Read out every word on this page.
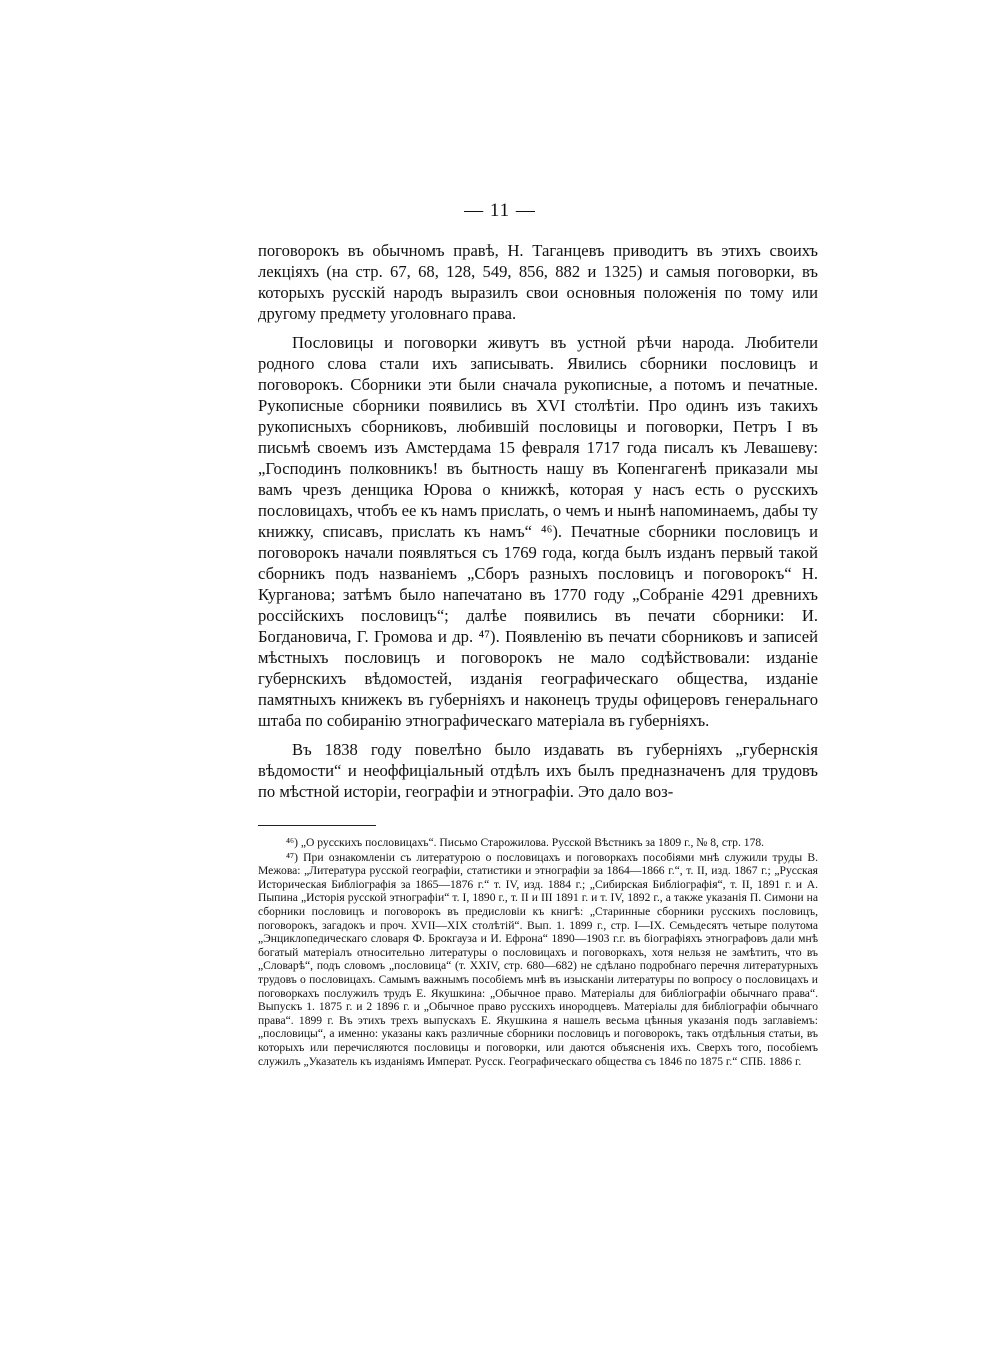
— 11 —

поговорокъ въ обычномъ правѣ, Н. Таганцевъ приводитъ въ этихъ своихъ лекціяхъ (на стр. 67, 68, 128, 549, 856, 882 и 1325) и самыя поговорки, въ которыхъ русскій народъ выразилъ свои основныя положенія по тому или другому предмету уголовнаго права.

Пословицы и поговорки живутъ въ устной рѣчи народа. Любители родного слова стали ихъ записывать. Явились сборники пословицъ и поговорокъ. Сборники эти были сначала рукописные, а потомъ и печатные. Рукописные сборники появились въ XVI столѣтіи. Про одинъ изъ такихъ рукописныхъ сборниковъ, любившій пословицы и поговорки, Петръ I въ письмѣ своемъ изъ Амстердама 15 февраля 1717 года писалъ къ Левашеву: „Господинъ полковникъ! въ бытность нашу въ Копенгагенѣ приказали мы вамъ чрезъ денщика Юрова о книжкѣ, которая у насъ есть о русскихъ пословицахъ, чтобъ ее къ намъ прислать, о чемъ и нынѣ напоминаемъ, дабы ту книжку, списавъ, прислать къ намъ“ ⁴⁶). Печатные сборники пословицъ и поговорокъ начали появляться съ 1769 года, когда былъ изданъ первый такой сборникъ подъ названіемъ „Сборъ разныхъ пословицъ и поговорокъ“ Н. Курганова; затѣмъ было напечатано въ 1770 году „Собраніе 4291 древнихъ россійскихъ пословицъ“; далѣе появились въ печати сборники: И. Богдановича, Г. Громова и др. ⁴⁷). Появленію въ печати сборниковъ и записей мѣстныхъ пословицъ и поговорокъ не мало содѣйствовали: изданіе губернскихъ вѣдомостей, изданія географическаго общества, изданіе памятныхъ книжекъ въ губерніяхъ и наконецъ труды офицеровъ генеральнаго штаба по собиранію этнографическаго матеріала въ губерніяхъ.

Въ 1838 году повелѣно было издавать въ губерніяхъ „губернскія вѣдомости“ и неоффиціальный отдѣлъ ихъ былъ предназначенъ для трудовъ по мѣстной исторіи, географіи и этнографіи. Это дало воз-

⁴⁶) „О русскихъ пословицахъ“. Письмо Старожилова. Русской Вѣстникъ за 1809 г., № 8, стр. 178.

⁴⁷) При ознакомленіи съ литературою о пословицахъ и поговоркахъ пособіями мнѣ служили труды В. Межова: „Литература русской географіи, статистики и этнографіи за 1864—1866 г.“, т. II, изд. 1867 г.; „Русская Историческая Библіографія за 1865—1876 г.“ т. IV, изд. 1884 г.; „Сибирская Библіографія“, т. II, 1891 г. и А. Пыпина „Исторія русской этнографіи“ т. I, 1890 г., т. II и III 1891 г. и т. IV, 1892 г., а также указанія П. Симони на сборники пословицъ и поговорокъ въ предисловіи къ книгѣ: „Старинные сборники русскихъ пословицъ, поговорокъ, загадокъ и проч. XVII—XIX столѣтій“. Вып. 1. 1899 г., стр. I—IX. Семьдесятъ четыре полутома „Энциклопедическаго словаря Ф. Брокгауза и И. Ефрона“ 1890—1903 г.г. въ біографіяхъ этнографовъ дали мнѣ богатый матеріалъ относительно литературы о пословицахъ и поговоркахъ, хотя нельзя не замѣтить, что въ „Словарѣ“, подъ словомъ „пословица“ (т. XXIV, стр. 680—682) не сдѣлано подробнаго перечня литературныхъ трудовъ о пословицахъ. Самымъ важнымъ пособіемъ мнѣ въ изысканіи литературы по вопросу о пословицахъ и поговоркахъ послужилъ трудъ Е. Якушкина: „Обычное право. Матеріалы для библіографіи обычнаго права“. Выпускъ 1. 1875 г. и 2 1896 г. и „Обычное право русскихъ инородцевъ. Матеріалы для библіографіи обычнаго права“. 1899 г. Въ этихъ трехъ выпускахъ Е. Якушкина я нашелъ весьма цѣнныя указанія подъ заглавіемъ: „пословицы“, а именно: указаны какъ различные сборники пословицъ и поговорокъ, такъ отдѣльныя статьи, въ которыхъ или перечисляются пословицы и поговорки, или даются объясненія ихъ. Сверхъ того, пособіемъ служилъ „Указатель къ изданіямъ Императ. Русск. Географическаго общества съ 1846 по 1875 г.“ СПБ. 1886 г.
